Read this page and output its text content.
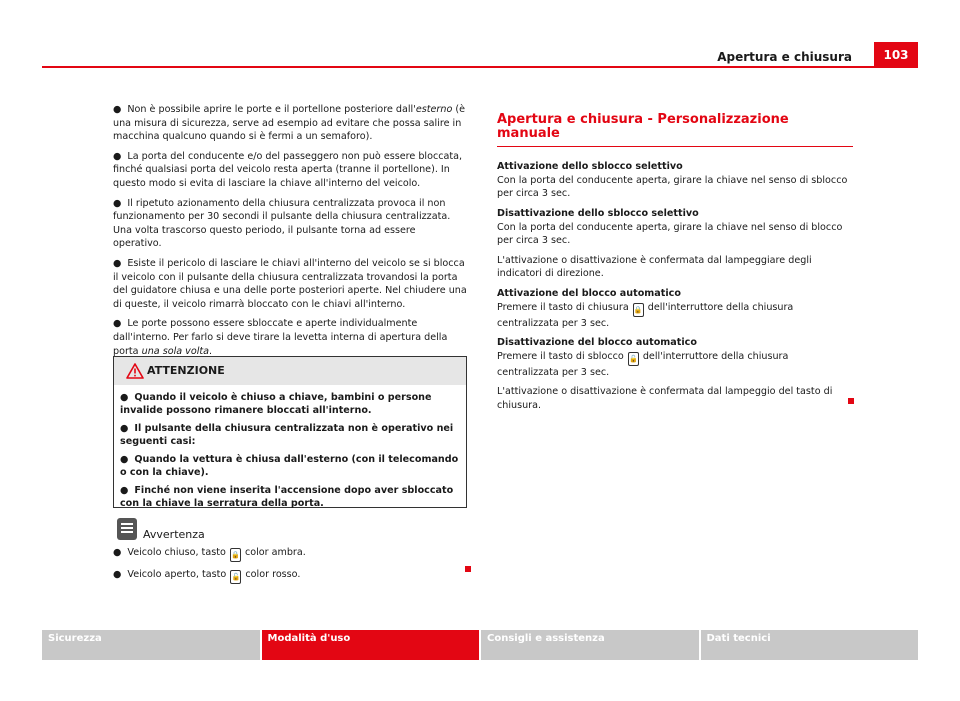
Apertura e chiusura	103

● Non è possibile aprire le porte e il portellone posteriore dall'esterno (è una misura di sicurezza, serve ad esempio ad evitare che possa salire in macchina qualcuno quando si è fermi a un semaforo).

● La porta del conducente e/o del passeggero non può essere bloccata, finché qualsiasi porta del veicolo resta aperta (tranne il portellone). In questo modo si evita di lasciare la chiave all'interno del veicolo.

● Il ripetuto azionamento della chiusura centralizzata provoca il non funzionamento per 30 secondi il pulsante della chiusura centralizzata. Una volta trascorso questo periodo, il pulsante torna ad essere operativo.

● Esiste il pericolo di lasciare le chiavi all'interno del veicolo se si blocca il veicolo con il pulsante della chiusura centralizzata trovandosi la porta del guidatore chiusa e una delle porte posteriori aperte. Nel chiudere una di queste, il veicolo rimarrà bloccato con le chiavi all'interno.

● Le porte possono essere sbloccate e aperte individualmente dall'interno. Per farlo si deve tirare la levetta interna di apertura della porta una sola volta.

ATTENZIONE

● Quando il veicolo è chiuso a chiave, bambini o persone invalide possono rimanere bloccati all'interno.

● Il pulsante della chiusura centralizzata non è operativo nei seguenti casi:

● Quando la vettura è chiusa dall'esterno (con il telecomando o con la chiave).

● Finché non viene inserita l'accensione dopo aver sbloccato con la chiave la serratura della porta.

Avvertenza

● Veicolo chiuso, tasto 🔒 color ambra.

● Veicolo aperto, tasto 🔓 color rosso.

Apertura e chiusura - Personalizzazione manuale

Attivazione dello sblocco selettivo

Con la porta del conducente aperta, girare la chiave nel senso di sblocco per circa 3 sec.

Disattivazione dello sblocco selettivo

Con la porta del conducente aperta, girare la chiave nel senso di blocco per circa 3 sec.

L'attivazione o disattivazione è confermata dal lampeggiare degli indicatori di direzione.

Attivazione del blocco automatico

Premere il tasto di chiusura 🔒 dell'interruttore della chiusura centralizzata per 3 sec.

Disattivazione del blocco automatico

Premere il tasto di sblocco 🔓 dell'interruttore della chiusura centralizzata per 3 sec.

L'attivazione o disattivazione è confermata dal lampeggio del tasto di chiusura.

Sicurezza	Modalità d'uso	Consigli e assistenza	Dati tecnici
